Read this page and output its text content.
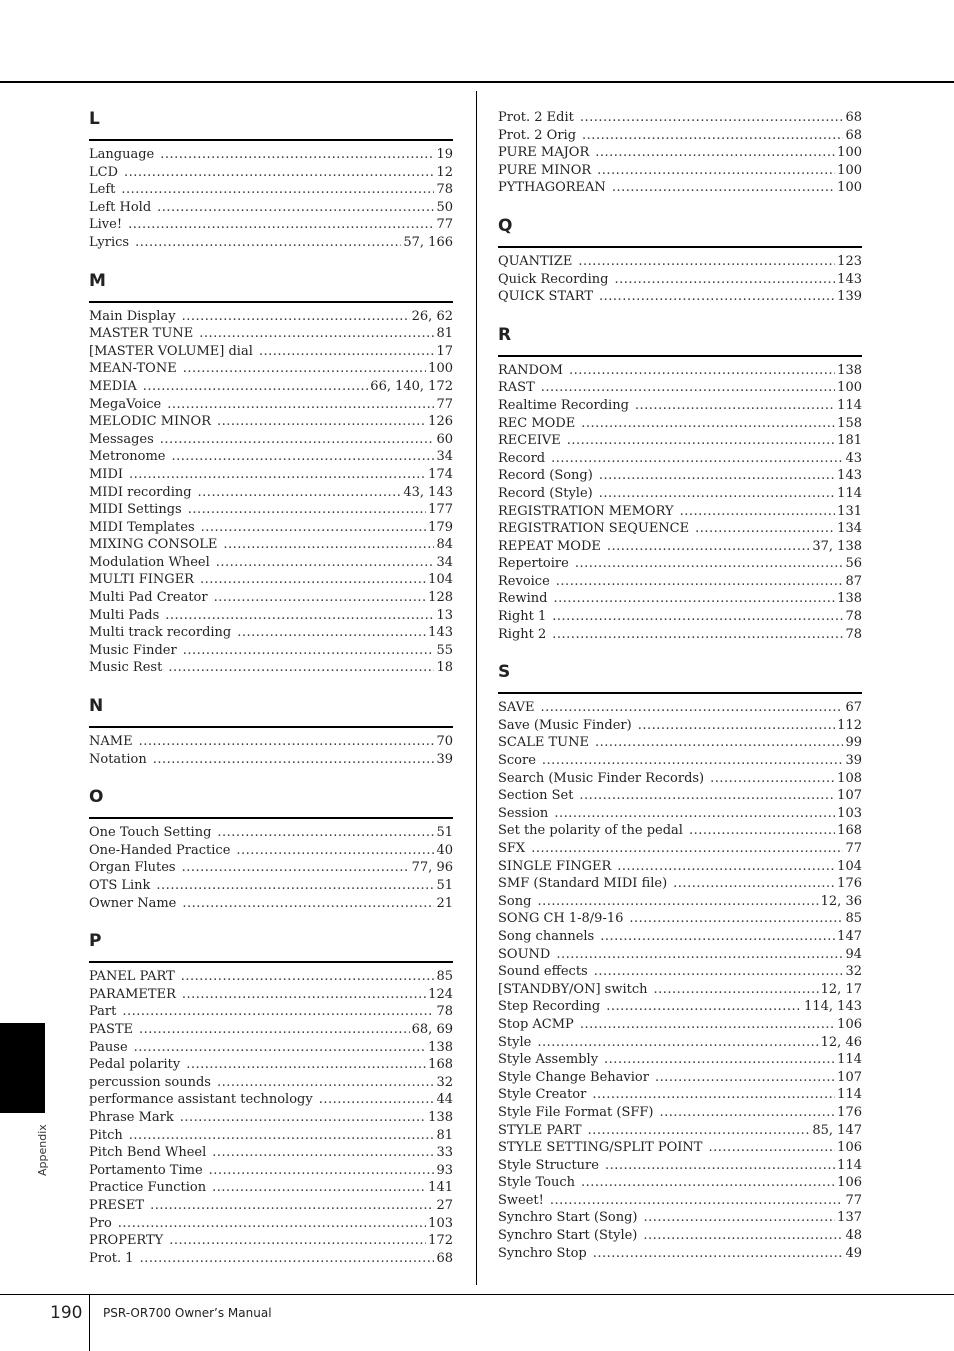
L
Language .....	19
LCD .....	12
Left .....	78
Left Hold .....	50
Live! .....	77
Lyrics .....	57, 166
M
Main Display .....	26, 62
MASTER TUNE .....	81
[MASTER VOLUME] dial .....	17
MEAN-TONE .....	100
MEDIA .....	66, 140, 172
MegaVoice .....	77
MELODIC MINOR .....	126
Messages .....	60
Metronome .....	34
MIDI .....	174
MIDI recording .....	43, 143
MIDI Settings .....	177
MIDI Templates .....	179
MIXING CONSOLE .....	84
Modulation Wheel .....	34
MULTI FINGER .....	104
Multi Pad Creator .....	128
Multi Pads .....	13
Multi track recording .....	143
Music Finder .....	55
Music Rest .....	18
N
NAME .....	70
Notation .....	39
O
One Touch Setting .....	51
One-Handed Practice .....	40
Organ Flutes .....	77, 96
OTS Link .....	51
Owner Name .....	21
P
PANEL PART .....	85
PARAMETER .....	124
Part .....	78
PASTE .....	68, 69
Pause .....	138
Pedal polarity .....	168
percussion sounds .....	32
performance assistant technology .....	44
Phrase Mark .....	138
Pitch .....	81
Pitch Bend Wheel .....	33
Portamento Time .....	93
Practice Function .....	141
PRESET .....	27
Pro .....	103
PROPERTY .....	172
Prot. 1 .....	68
Prot. 2 Edit .....	68
Prot. 2 Orig .....	68
PURE MAJOR .....	100
PURE MINOR .....	100
PYTHAGOREAN .....	100
Q
QUANTIZE .....	123
Quick Recording .....	143
QUICK START .....	139
R
RANDOM .....	138
RAST .....	100
Realtime Recording .....	114
REC MODE .....	158
RECEIVE .....	181
Record .....	43
Record (Song) .....	143
Record (Style) .....	114
REGISTRATION MEMORY .....	131
REGISTRATION SEQUENCE .....	134
REPEAT MODE .....	37, 138
Repertoire .....	56
Revoice .....	87
Rewind .....	138
Right 1 .....	78
Right 2 .....	78
S
SAVE .....	67
Save (Music Finder) .....	112
SCALE TUNE .....	99
Score .....	39
Search (Music Finder Records) .....	108
Section Set .....	107
Session .....	103
Set the polarity of the pedal .....	168
SFX .....	77
SINGLE FINGER .....	104
SMF (Standard MIDI file) .....	176
Song .....	12, 36
SONG CH 1-8/9-16 .....	85
Song channels .....	147
SOUND .....	94
Sound effects .....	32
[STANDBY/ON] switch .....	12, 17
Step Recording .....	114, 143
Stop ACMP .....	106
Style .....	12, 46
Style Assembly .....	114
Style Change Behavior .....	107
Style Creator .....	114
Style File Format (SFF) .....	176
STYLE PART .....	85, 147
STYLE SETTING/SPLIT POINT .....	106
Style Structure .....	114
Style Touch .....	106
Sweet! .....	77
Synchro Start (Song) .....	137
Synchro Start (Style) .....	48
Synchro Stop .....	49
Appendix
190 PSR-OR700 Owner’s Manual
